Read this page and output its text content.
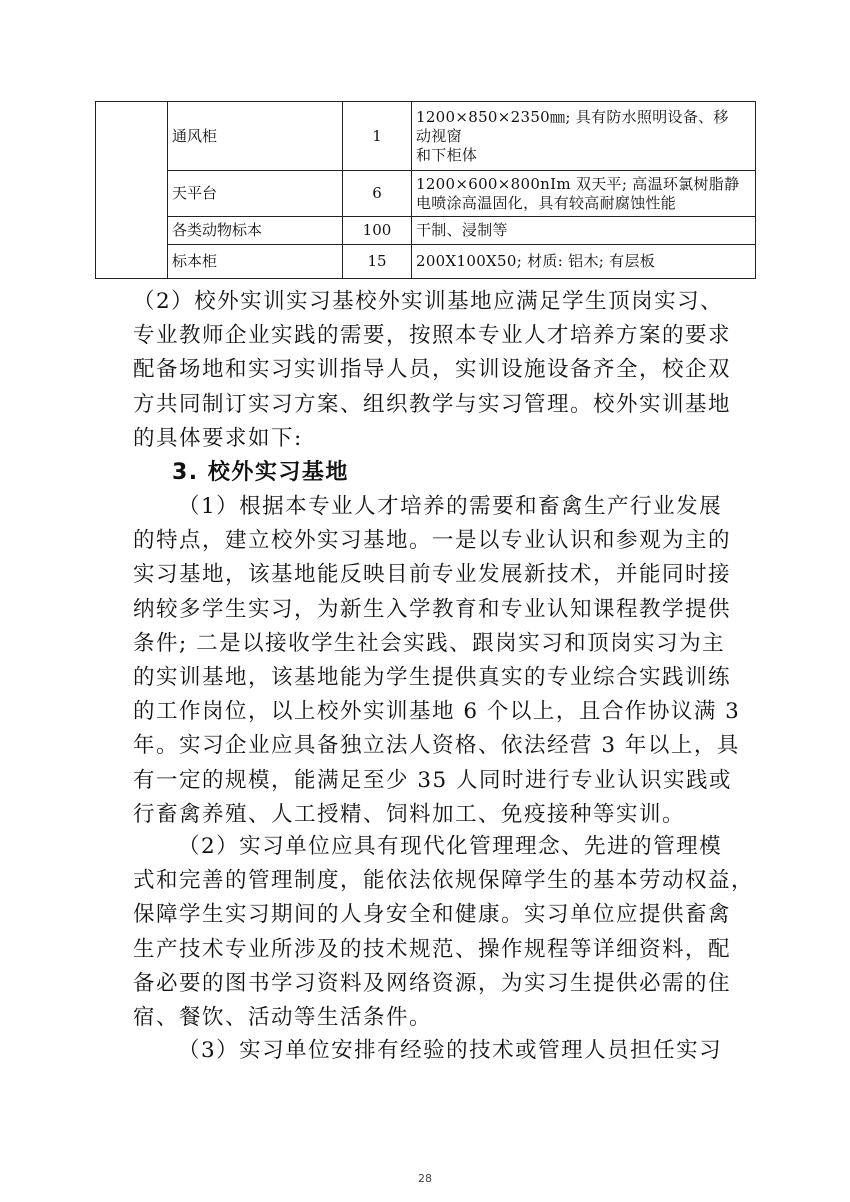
	通风柜	1	1200×850×2350㎜; 具有防水照明设备、移
动视窗
和下柜体

	天平台	6	1200×600×800nIm 双天平; 高温环氯树脂静
电喷涂高温固化，具有较高耐腐蚀性能

	各类动物标本	100	干制、浸制等

	标本柜	15	200X100X50; 材质: 铝木; 有层板
（2）校外实训实习基校外实训基地应满足学生顶岗实习、
专业教师企业实践的需要，按照本专业人才培养方案的要求
配备场地和实习实训指导人员，实训设施设备齐全，校企双
方共同制订实习方案、组织教学与实习管理。校外实训基地
的具体要求如下:
3. 校外实习基地
（1）根据本专业人才培养的需要和畜禽生产行业发展
的特点，建立校外实习基地。一是以专业认识和参观为主的
实习基地，该基地能反映目前专业发展新技术，并能同时接
纳较多学生实习，为新生入学教育和专业认知课程教学提供
条件; 二是以接收学生社会实践、跟岗实习和顶岗实习为主
的实训基地，该基地能为学生提供真实的专业综合实践训练
的工作岗位，以上校外实训基地 6 个以上，且合作协议满 3
年。实习企业应具备独立法人资格、依法经营 3 年以上，具
有一定的规模，能满足至少 35 人同时进行专业认识实践或
行畜禽养殖、人工授精、饲料加工、免疫接种等实训。
（2）实习单位应具有现代化管理理念、先进的管理模
式和完善的管理制度，能依法依规保障学生的基本劳动权益，
保障学生实习期间的人身安全和健康。实习单位应提供畜禽
生产技术专业所涉及的技术规范、操作规程等详细资料，配
备必要的图书学习资料及网络资源，为实习生提供必需的住
宿、餐饮、活动等生活条件。
（3）实习单位安排有经验的技术或管理人员担任实习
28
